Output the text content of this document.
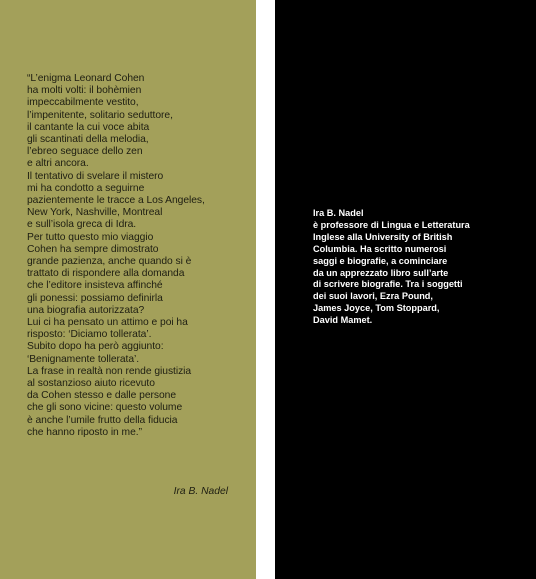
“L’enigma Leonard Cohen
ha molti volti: il bohèmien
impeccabilmente vestito,
l’impenitente, solitario seduttore,
il cantante la cui voce abita
gli scantinati della melodia,
l’ebreo seguace dello zen
e altri ancora.
Il tentativo di svelare il mistero
mi ha condotto a seguirne
pazientemente le tracce a Los Angeles,
New York, Nashville, Montreal
e sull’isola greca di Idra.
Per tutto questo mio viaggio
Cohen ha sempre dimostrato
grande pazienza, anche quando si è
trattato di rispondere alla domanda
che l’editore insisteva affinché
gli ponessi: possiamo definirla
una biografia autorizzata?
Lui ci ha pensato un attimo e poi ha
risposto: ‘Diciamo tollerata’.
Subito dopo ha però aggiunto:
‘Benignamente tollerata’.
La frase in realtà non rende giustizia
al sostanzioso aiuto ricevuto
da Cohen stesso e dalle persone
che gli sono vicine: questo volume
è anche l’umile frutto della fiducia
che hanno riposto in me.”
Ira B. Nadel
Ira B. Nadel
è professore di Lingua e Letteratura
Inglese alla University of British
Columbia. Ha scritto numerosi
saggi e biografie, a cominciare
da un apprezzato libro sull’arte
di scrivere biografie. Tra i soggetti
dei suoi lavori, Ezra Pound,
James Joyce, Tom Stoppard,
David Mamet.
